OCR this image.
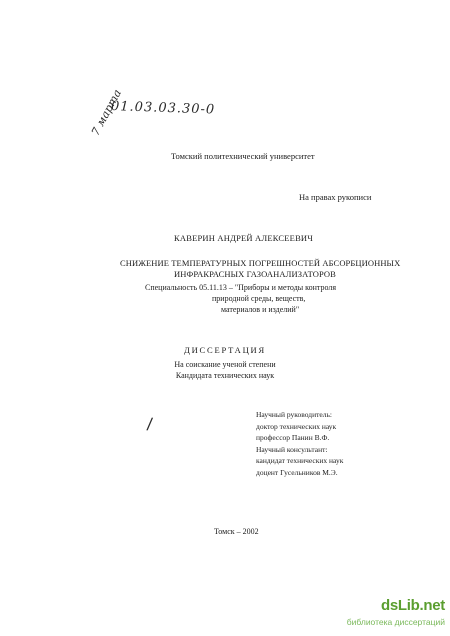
01.03.03.30-0
7 марта
Томский политехнический университет
На правах рукописи
КАВЕРИН АНДРЕЙ АЛЕКСЕЕВИЧ
СНИЖЕНИЕ ТЕМПЕРАТУРНЫХ ПОГРЕШНОСТЕЙ АБСОРБЦИОННЫХ
ИНФРАКРАСНЫХ ГАЗОАНАЛИЗАТОРОВ
Специальность 05.11.13 – "Приборы и методы контроля
природной среды, веществ,
материалов и изделий"
ДИССЕРТАЦИЯ
На соискание ученой степени
Кандидата технических наук
/	Научный руководитель:
доктор технических наук
профессор Панин В.Ф.
Научный консультант:
кандидат технических наук
доцент Гусельников М.Э.
Томск – 2002
dsLib.net
библиотека диссертаций
